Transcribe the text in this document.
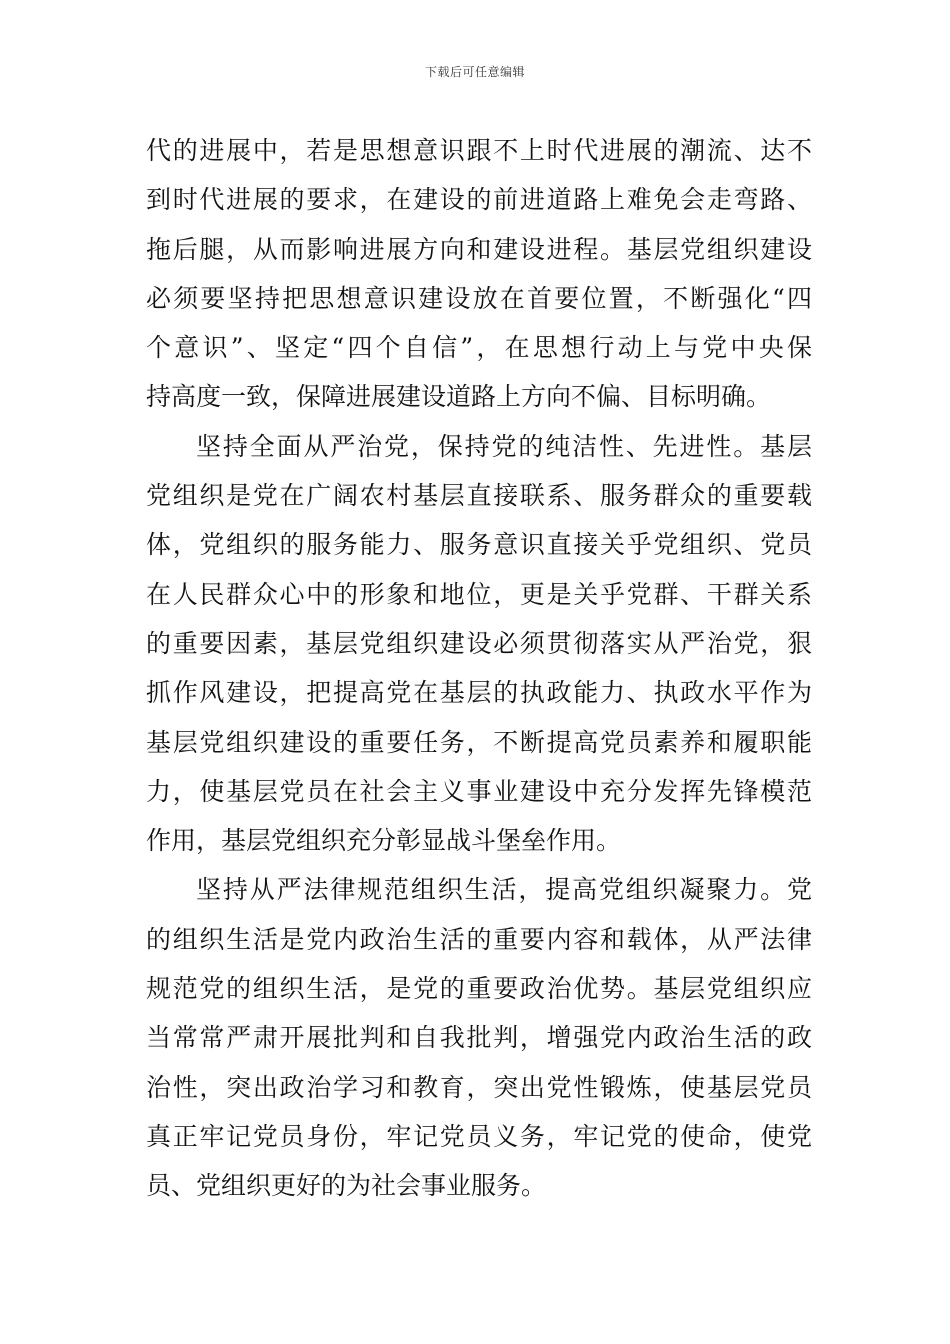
下载后可任意编辑
代的进展中，若是思想意识跟不上时代进展的潮流、达不
到时代进展的要求，在建设的前进道路上难免会走弯路、
拖后腿，从而影响进展方向和建设进程。基层党组织建设
必须要坚持把思想意识建设放在首要位置，不断强化“四
个意识”、坚定“四个自信”，在思想行动上与党中央保
持高度一致，保障进展建设道路上方向不偏、目标明确。
坚持全面从严治党，保持党的纯洁性、先进性。基层
党组织是党在广阔农村基层直接联系、服务群众的重要载
体，党组织的服务能力、服务意识直接关乎党组织、党员
在人民群众心中的形象和地位，更是关乎党群、干群关系
的重要因素，基层党组织建设必须贯彻落实从严治党，狠
抓作风建设，把提高党在基层的执政能力、执政水平作为
基层党组织建设的重要任务，不断提高党员素养和履职能
力，使基层党员在社会主义事业建设中充分发挥先锋模范
作用，基层党组织充分彰显战斗堡垒作用。
坚持从严法律规范组织生活，提高党组织凝聚力。党
的组织生活是党内政治生活的重要内容和载体，从严法律
规范党的组织生活，是党的重要政治优势。基层党组织应
当常常严肃开展批判和自我批判，增强党内政治生活的政
治性，突出政治学习和教育，突出党性锻炼，使基层党员
真正牢记党员身份，牢记党员义务，牢记党的使命，使党
员、党组织更好的为社会事业服务。
